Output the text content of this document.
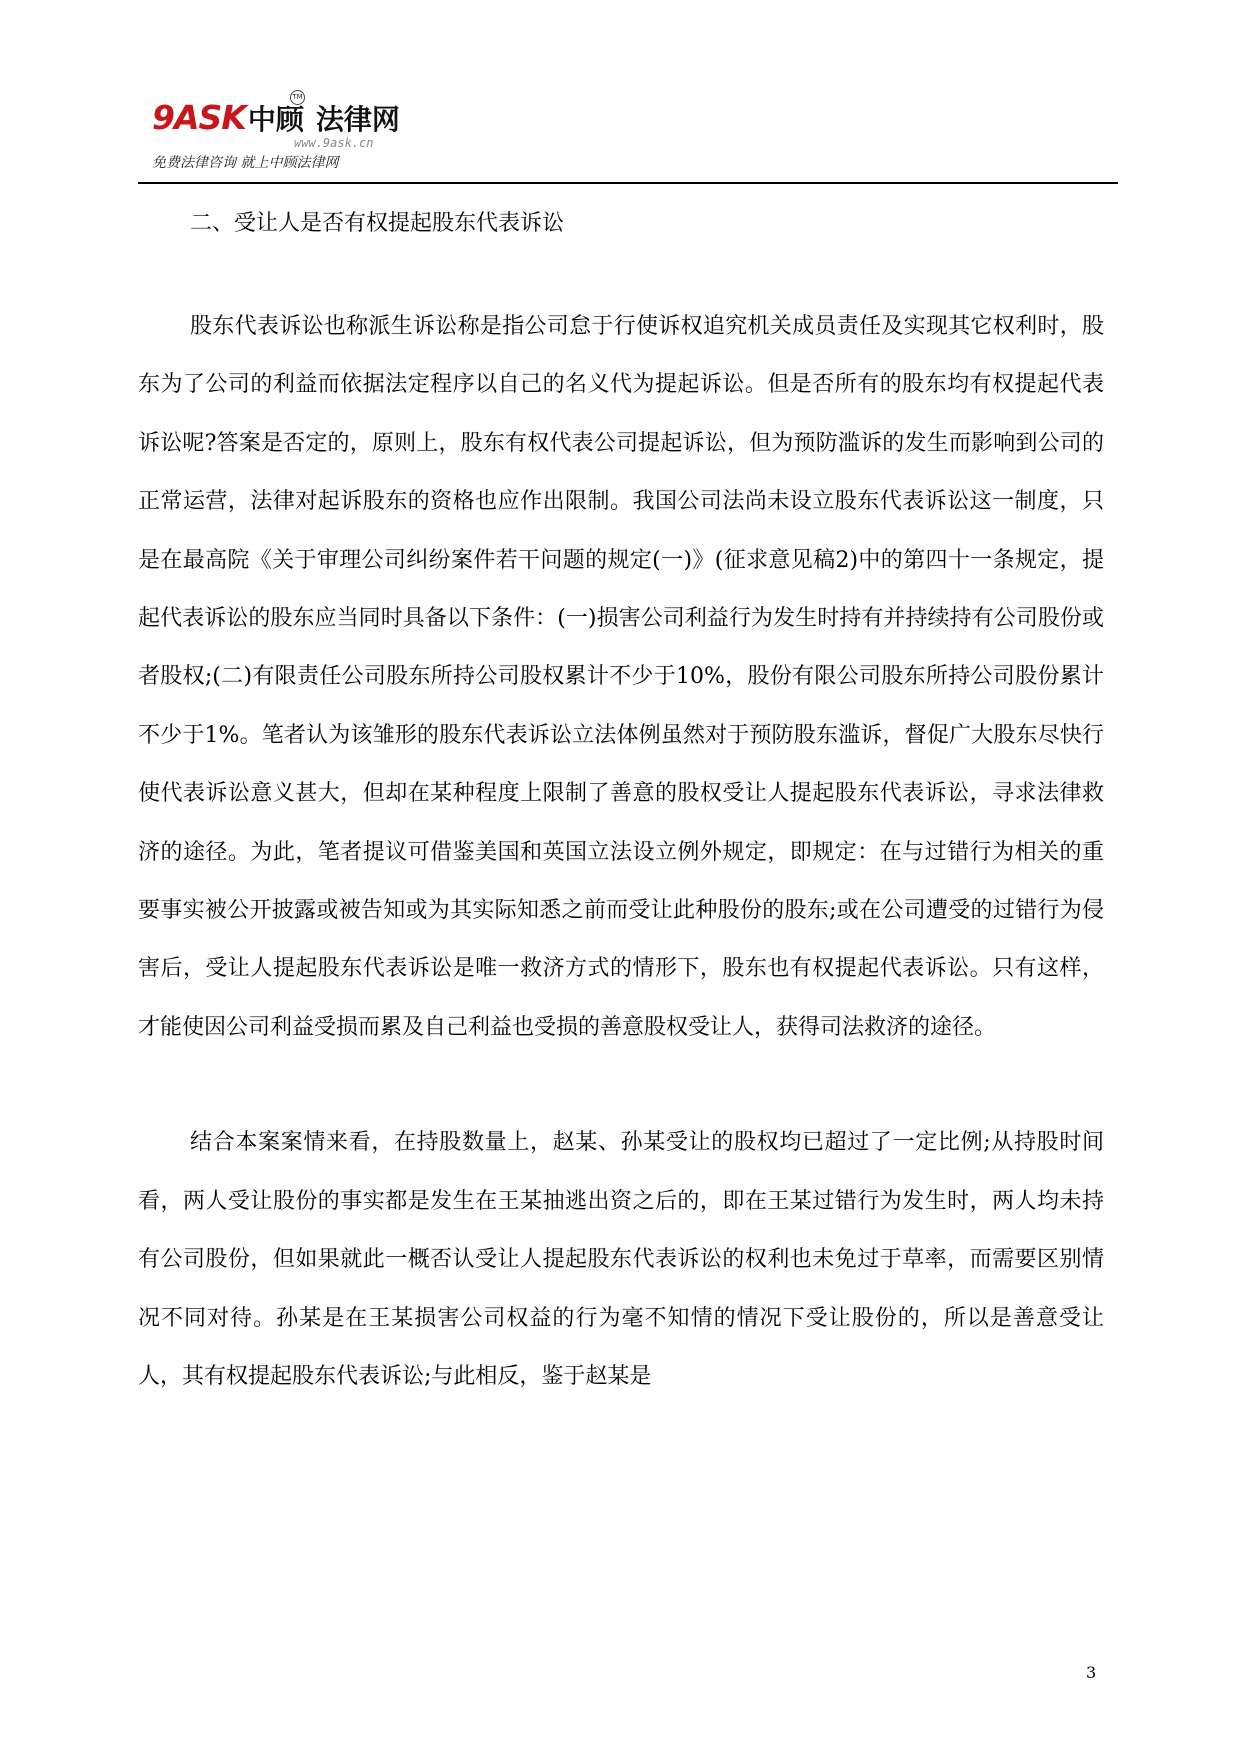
9ASK中顾 法律网
TM
www.9ask.cn
免费法律咨询 就上中顾法律网
二、受让人是否有权提起股东代表诉讼

股东代表诉讼也称派生诉讼称是指公司怠于行使诉权追究机关成员责任及实现其它权利时，股东为了公司的利益而依据法定程序以自己的名义代为提起诉讼。但是否所有的股东均有权提起代表诉讼呢?答案是否定的，原则上，股东有权代表公司提起诉讼，但为预防滥诉的发生而影响到公司的正常运营，法律对起诉股东的资格也应作出限制。我国公司法尚未设立股东代表诉讼这一制度，只是在最高院《关于审理公司纠纷案件若干问题的规定(一)》(征求意见稿2)中的第四十一条规定，提起代表诉讼的股东应当同时具备以下条件：(一)损害公司利益行为发生时持有并持续持有公司股份或者股权;(二)有限责任公司股东所持公司股权累计不少于10%，股份有限公司股东所持公司股份累计不少于1%。笔者认为该雏形的股东代表诉讼立法体例虽然对于预防股东滥诉，督促广大股东尽快行使代表诉讼意义甚大，但却在某种程度上限制了善意的股权受让人提起股东代表诉讼，寻求法律救济的途径。为此，笔者提议可借鉴美国和英国立法设立例外规定，即规定：在与过错行为相关的重要事实被公开披露或被告知或为其实际知悉之前而受让此种股份的股东;或在公司遭受的过错行为侵害后，受让人提起股东代表诉讼是唯一救济方式的情形下，股东也有权提起代表诉讼。只有这样，才能使因公司利益受损而累及自己利益也受损的善意股权受让人，获得司法救济的途径。

结合本案案情来看，在持股数量上，赵某、孙某受让的股权均已超过了一定比例;从持股时间看，两人受让股份的事实都是发生在王某抽逃出资之后的，即在王某过错行为发生时，两人均未持有公司股份，但如果就此一概否认受让人提起股东代表诉讼的权利也未免过于草率，而需要区别情况不同对待。孙某是在王某损害公司权益的行为毫不知情的情况下受让股份的，所以是善意受让人，其有权提起股东代表诉讼;与此相反，鉴于赵某是

3
